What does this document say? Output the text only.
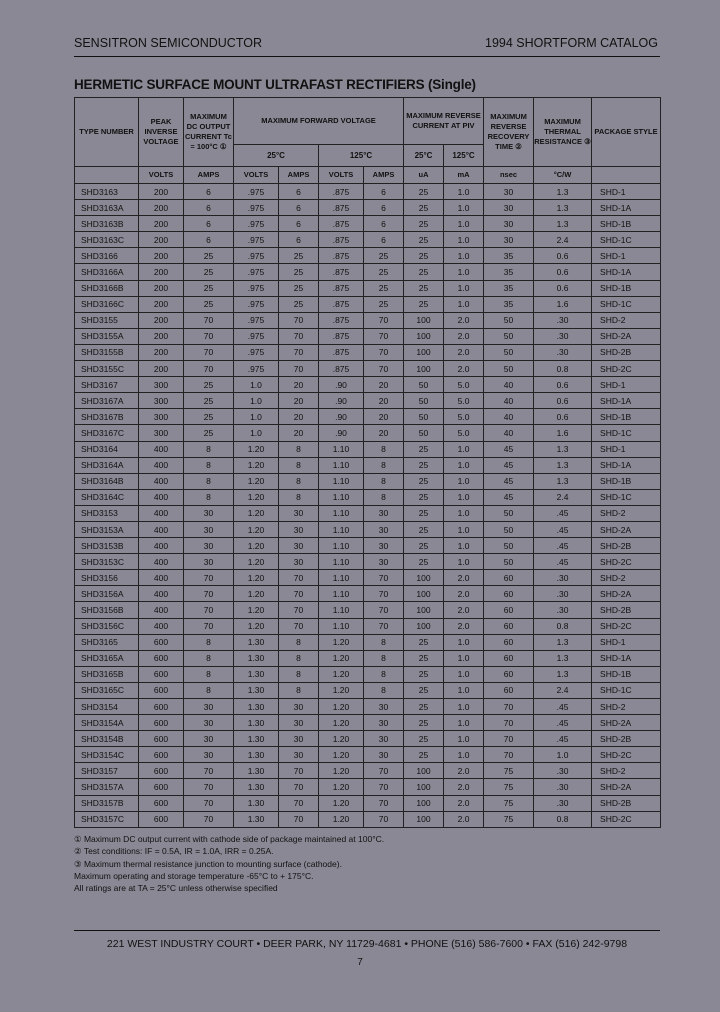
SENSITRON SEMICONDUCTOR	1994 SHORTFORM CATALOG
HERMETIC SURFACE MOUNT ULTRAFAST RECTIFIERS (Single)
TYPE NUMBER	PEAK INVERSE VOLTAGE	MAXIMUM DC OUTPUT CURRENT Tc = 100°C ①	MAXIMUM FORWARD VOLTAGE				MAXIMUM REVERSE CURRENT AT PIV		MAXIMUM REVERSE RECOVERY TIME ②	MAXIMUM THERMAL RESISTANCE ③	PACKAGE STYLE
			25°C		125°C		25°C	125°C			
	VOLTS	AMPS	VOLTS	AMPS	VOLTS	AMPS	uA	mA	nsec	°C/W	
SHD3163	200	6	.975	6	.875	6	25	1.0	30	1.3	SHD-1
SHD3163A	200	6	.975	6	.875	6	25	1.0	30	1.3	SHD-1A
SHD3163B	200	6	.975	6	.875	6	25	1.0	30	1.3	SHD-1B
SHD3163C	200	6	.975	6	.875	6	25	1.0	30	2.4	SHD-1C
SHD3166	200	25	.975	25	.875	25	25	1.0	35	0.6	SHD-1
SHD3166A	200	25	.975	25	.875	25	25	1.0	35	0.6	SHD-1A
SHD3166B	200	25	.975	25	.875	25	25	1.0	35	0.6	SHD-1B
SHD3166C	200	25	.975	25	.875	25	25	1.0	35	1.6	SHD-1C
SHD3155	200	70	.975	70	.875	70	100	2.0	50	.30	SHD-2
SHD3155A	200	70	.975	70	.875	70	100	2.0	50	.30	SHD-2A
SHD3155B	200	70	.975	70	.875	70	100	2.0	50	.30	SHD-2B
SHD3155C	200	70	.975	70	.875	70	100	2.0	50	0.8	SHD-2C
SHD3167	300	25	1.0	20	.90	20	50	5.0	40	0.6	SHD-1
SHD3167A	300	25	1.0	20	.90	20	50	5.0	40	0.6	SHD-1A
SHD3167B	300	25	1.0	20	.90	20	50	5.0	40	0.6	SHD-1B
SHD3167C	300	25	1.0	20	.90	20	50	5.0	40	1.6	SHD-1C
SHD3164	400	8	1.20	8	1.10	8	25	1.0	45	1.3	SHD-1
SHD3164A	400	8	1.20	8	1.10	8	25	1.0	45	1.3	SHD-1A
SHD3164B	400	8	1.20	8	1.10	8	25	1.0	45	1.3	SHD-1B
SHD3164C	400	8	1.20	8	1.10	8	25	1.0	45	2.4	SHD-1C
SHD3153	400	30	1.20	30	1.10	30	25	1.0	50	.45	SHD-2
SHD3153A	400	30	1.20	30	1.10	30	25	1.0	50	.45	SHD-2A
SHD3153B	400	30	1.20	30	1.10	30	25	1.0	50	.45	SHD-2B
SHD3153C	400	30	1.20	30	1.10	30	25	1.0	50	.45	SHD-2C
SHD3156	400	70	1.20	70	1.10	70	100	2.0	60	.30	SHD-2
SHD3156A	400	70	1.20	70	1.10	70	100	2.0	60	.30	SHD-2A
SHD3156B	400	70	1.20	70	1.10	70	100	2.0	60	.30	SHD-2B
SHD3156C	400	70	1.20	70	1.10	70	100	2.0	60	0.8	SHD-2C
SHD3165	600	8	1.30	8	1.20	8	25	1.0	60	1.3	SHD-1
SHD3165A	600	8	1.30	8	1.20	8	25	1.0	60	1.3	SHD-1A
SHD3165B	600	8	1.30	8	1.20	8	25	1.0	60	1.3	SHD-1B
SHD3165C	600	8	1.30	8	1.20	8	25	1.0	60	2.4	SHD-1C
SHD3154	600	30	1.30	30	1.20	30	25	1.0	70	.45	SHD-2
SHD3154A	600	30	1.30	30	1.20	30	25	1.0	70	.45	SHD-2A
SHD3154B	600	30	1.30	30	1.20	30	25	1.0	70	.45	SHD-2B
SHD3154C	600	30	1.30	30	1.20	30	25	1.0	70	1.0	SHD-2C
SHD3157	600	70	1.30	70	1.20	70	100	2.0	75	.30	SHD-2
SHD3157A	600	70	1.30	70	1.20	70	100	2.0	75	.30	SHD-2A
SHD3157B	600	70	1.30	70	1.20	70	100	2.0	75	.30	SHD-2B
SHD3157C	600	70	1.30	70	1.20	70	100	2.0	75	0.8	SHD-2C
① Maximum DC output current with cathode side of package maintained at 100°C.
② Test conditions: IF = 0.5A, IR = 1.0A, IRR = 0.25A.
③ Maximum thermal resistance junction to mounting surface (cathode).
Maximum operating and storage temperature -65°C to + 175°C.
All ratings are at TA = 25°C unless otherwise specified
221 WEST INDUSTRY COURT • DEER PARK, NY 11729-4681 • PHONE (516) 586-7600 • FAX (516) 242-9798
7
